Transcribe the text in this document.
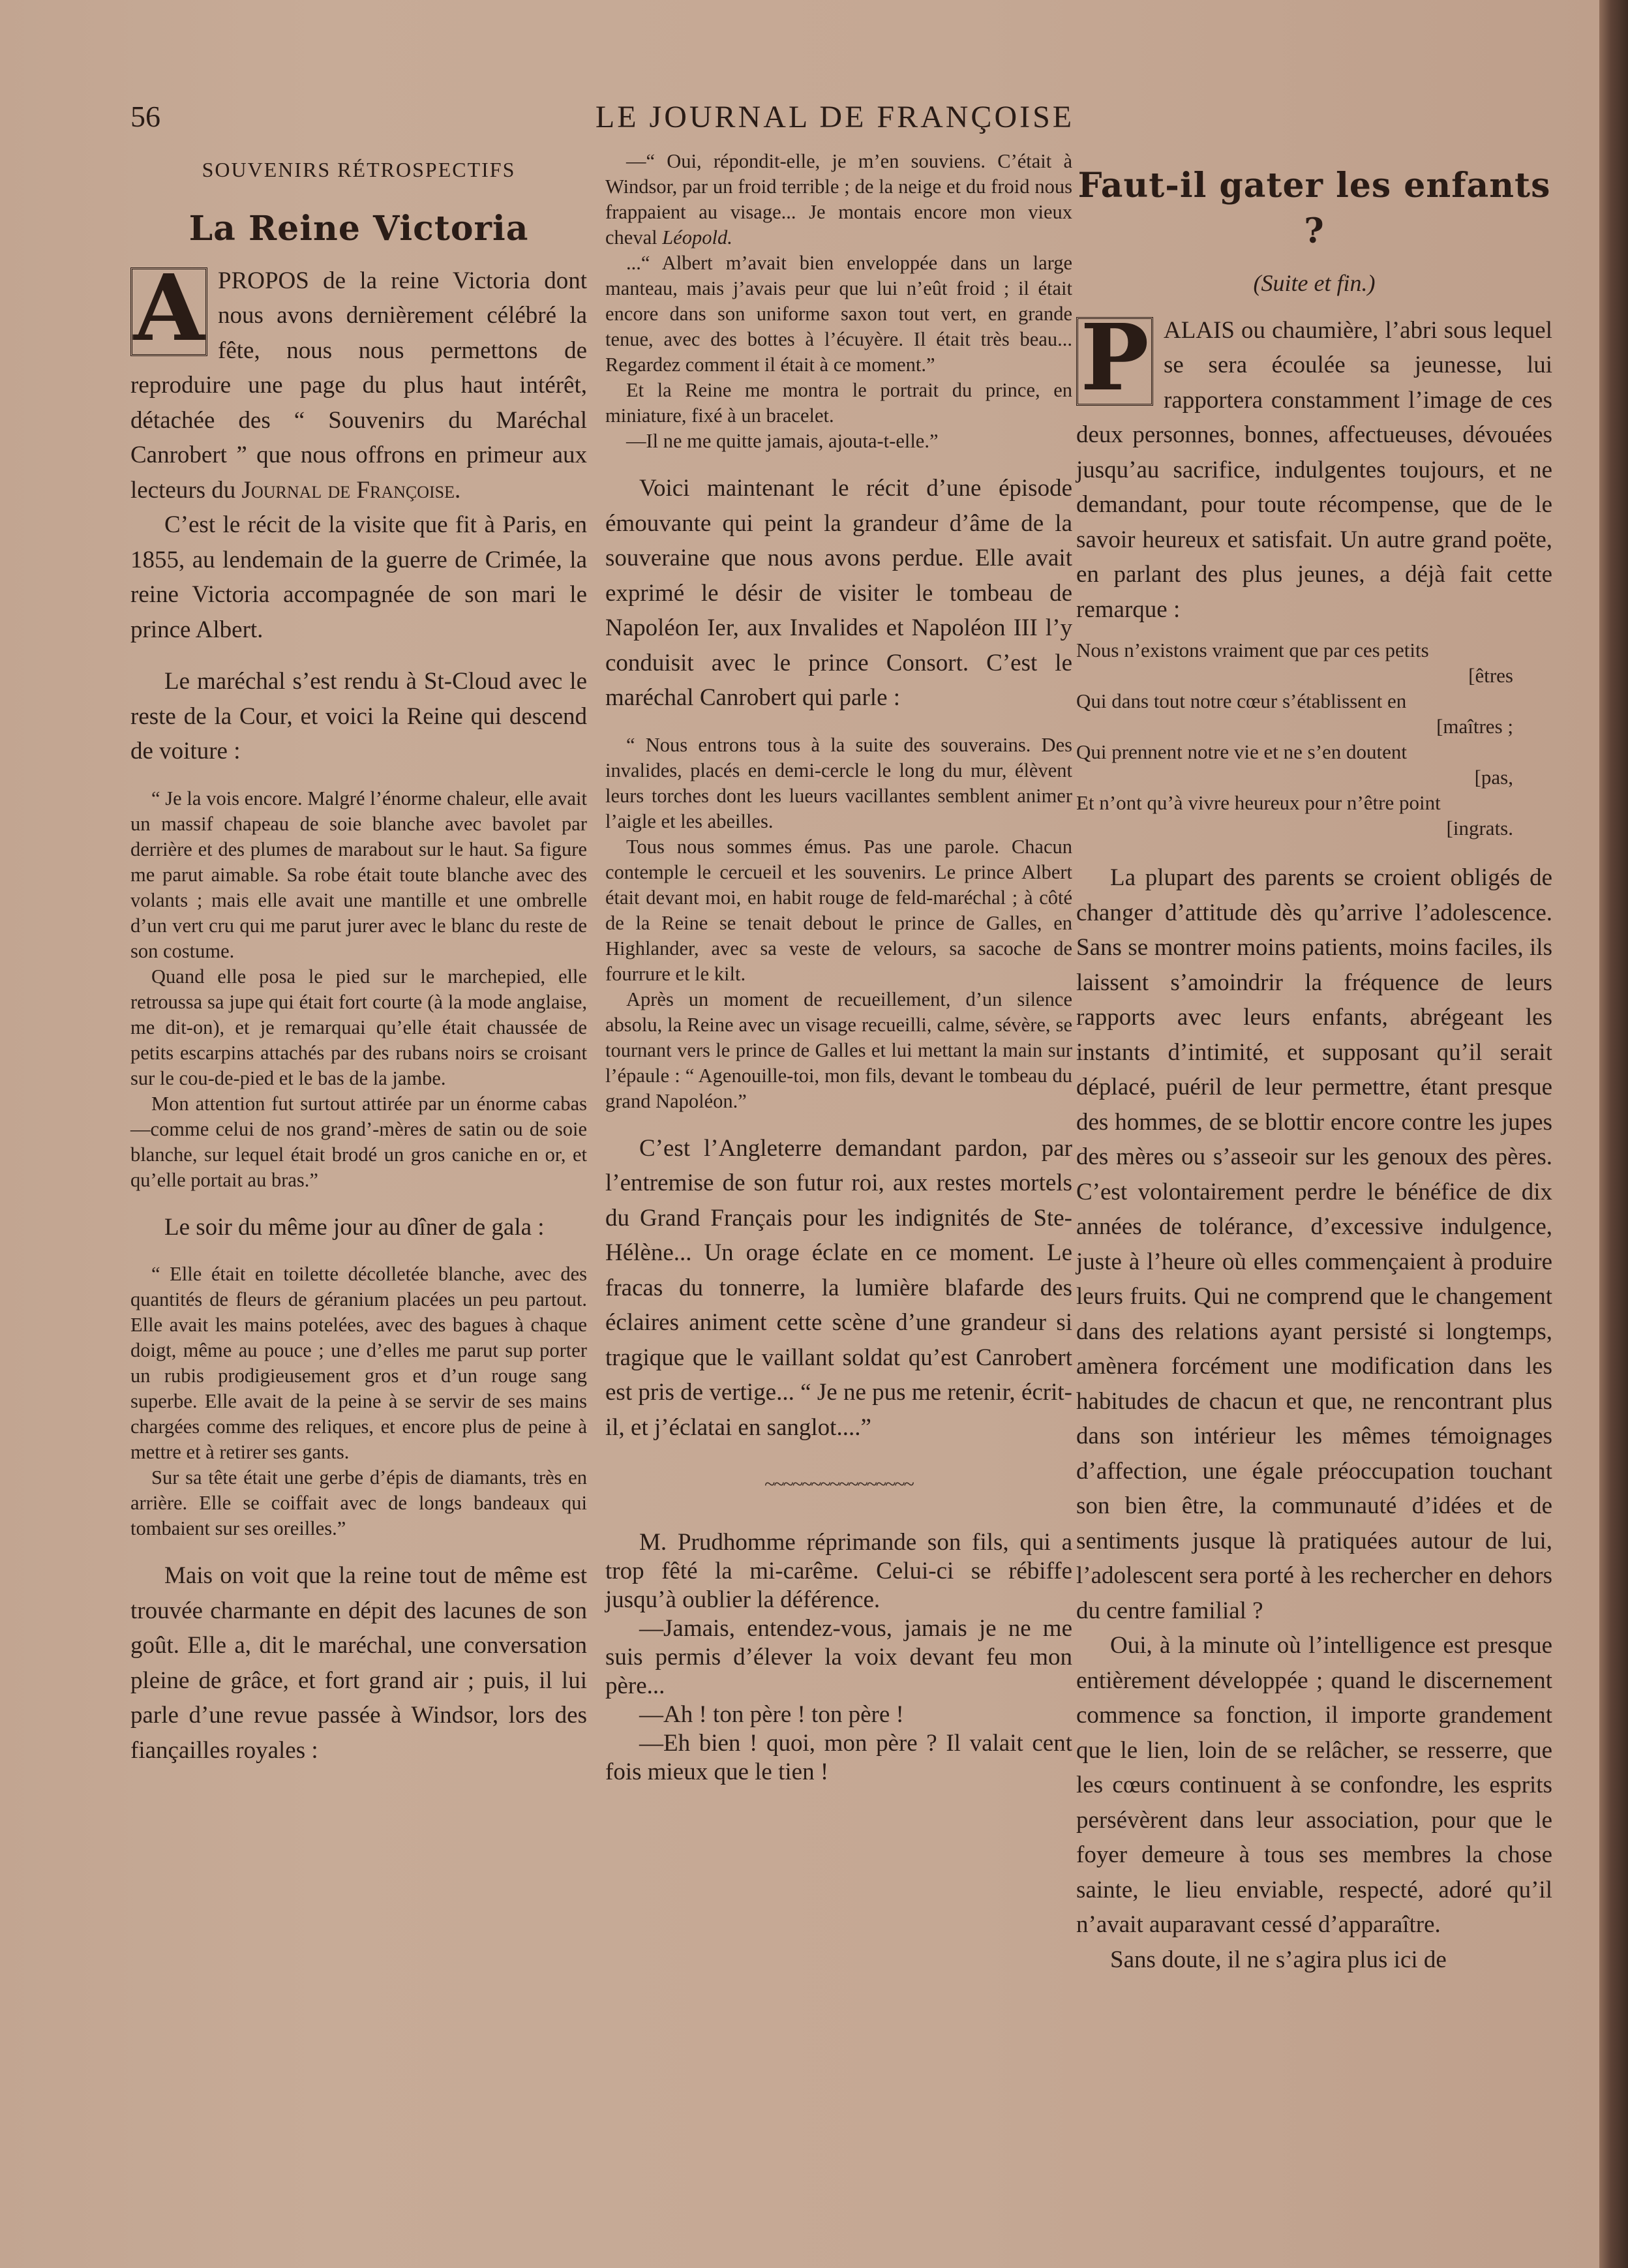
56	LE JOURNAL DE FRANÇOISE
SOUVENIRS RÉTROSPECTIFS
La Reine Victoria

A PROPOS de la reine Victoria dont nous avons dernièrement célébré la fête, nous nous permettons de reproduire une page du plus haut intérêt, détachée des “ Souvenirs du Maréchal Canrobert ” que nous offrons en primeur aux lecteurs du Journal de Françoise.

C’est le récit de la visite que fit à Paris, en 1855, au lendemain de la guerre de Crimée, la reine Victoria accompagnée de son mari le prince Albert.

Le maréchal s’est rendu à St-Cloud avec le reste de la Cour, et voici la Reine qui descend de voiture :

“ Je la vois encore. Malgré l’énorme chaleur, elle avait un massif chapeau de soie blanche avec bavolet par derrière et des plumes de marabout sur le haut. Sa figure me parut aimable. Sa robe était toute blanche avec des volants ; mais elle avait une mantille et une ombrelle d’un vert cru qui me parut jurer avec le blanc du reste de son costume.

Quand elle posa le pied sur le marchepied, elle retroussa sa jupe qui était fort courte (à la mode anglaise, me dit-on), et je remarquai qu’elle était chaussée de petits escarpins attachés par des rubans noirs se croisant sur le cou-de-pied et le bas de la jambe.

Mon attention fut surtout attirée par un énorme cabas—comme celui de nos grand’-mères de satin ou de soie blanche, sur lequel était brodé un gros caniche en or, et qu’elle portait au bras.”

Le soir du même jour au dîner de gala :

“ Elle était en toilette décolletée blanche, avec des quantités de fleurs de géranium placées un peu partout. Elle avait les mains potelées, avec des bagues à chaque doigt, même au pouce ; une d’elles me parut sup porter un rubis prodigieusement gros et d’un rouge sang superbe. Elle avait de la peine à se servir de ses mains chargées comme des reliques, et encore plus de peine à mettre et à retirer ses gants.

Sur sa tête était une gerbe d’épis de diamants, très en arrière. Elle se coiffait avec de longs bandeaux qui tombaient sur ses oreilles.”

Mais on voit que la reine tout de même est trouvée charmante en dépit des lacunes de son goût. Elle a, dit le maréchal, une conversation pleine de grâce, et fort grand air ; puis, il lui parle d’une revue passée à Windsor, lors des fiançailles royales :

—“ Oui, répondit-elle, je m’en souviens. C’était à Windsor, par un froid terrible ; de la neige et du froid nous frappaient au visage... Je montais encore mon vieux cheval Léopold.

...“ Albert m’avait bien enveloppée dans un large manteau, mais j’avais peur que lui n’eût froid ; il était encore dans son uniforme saxon tout vert, en grande tenue, avec des bottes à l’écuyère. Il était très beau... Regardez comment il était à ce moment.”

Et la Reine me montra le portrait du prince, en miniature, fixé à un bracelet.

—Il ne me quitte jamais, ajouta-t-elle.”

Voici maintenant le récit d’une épisode émouvante qui peint la grandeur d’âme de la souveraine que nous avons perdue. Elle avait exprimé le désir de visiter le tombeau de Napoléon Ier, aux Invalides et Napoléon III l’y conduisit avec le prince Consort. C’est le maréchal Canrobert qui parle :

“ Nous entrons tous à la suite des souverains. Des invalides, placés en demi-cercle le long du mur, élèvent leurs torches dont les lueurs vacillantes semblent animer l’aigle et les abeilles.

Tous nous sommes émus. Pas une parole. Chacun contemple le cercueil et les souvenirs. Le prince Albert était devant moi, en habit rouge de feld-maréchal ; à côté de la Reine se tenait debout le prince de Galles, en Highlander, avec sa veste de velours, sa sacoche de fourrure et le kilt.

Après un moment de recueillement, d’un silence absolu, la Reine avec un visage recueilli, calme, sévère, se tournant vers le prince de Galles et lui mettant la main sur l’épaule : “ Agenouille-toi, mon fils, devant le tombeau du grand Napoléon.”

C’est l’Angleterre demandant pardon, par l’entremise de son futur roi, aux restes mortels du Grand Français pour les indignités de Ste-Hélène... Un orage éclate en ce moment. Le fracas du tonnerre, la lumière blafarde des éclaires animent cette scène d’une grandeur si tragique que le vaillant soldat qu’est Canrobert est pris de vertige... “ Je ne pus me retenir, écrit-il, et j’éclatai en sanglot....”

~~~~~~~~~~~~~~~~

M. Prudhomme réprimande son fils, qui a trop fêté la mi-carême. Celui-ci se rébiffe jusqu’à oublier la déférence.

—Jamais, entendez-vous, jamais je ne me suis permis d’élever la voix devant feu mon père...

—Ah ! ton père ! ton père !

—Eh bien ! quoi, mon père ? Il valait cent fois mieux que le tien !

Faut-il gater les enfants ?
(Suite et fin.)

P ALAIS ou chaumière, l’abri sous lequel se sera écoulée sa jeunesse, lui rapportera constamment l’image de ces deux personnes, bonnes, affectueuses, dévouées jusqu’au sacrifice, indulgentes toujours, et ne demandant, pour toute récompense, que de le savoir heureux et satisfait. Un autre grand poëte, en parlant des plus jeunes, a déjà fait cette remarque :

Nous n’existons vraiment que par ces petits
[êtres
Qui dans tout notre cœur s’établissent en
[maîtres ;
Qui prennent notre vie et ne s’en doutent
[pas,
Et n’ont qu’à vivre heureux pour n’être point
[ingrats.

La plupart des parents se croient obligés de changer d’attitude dès qu’arrive l’adolescence. Sans se montrer moins patients, moins faciles, ils laissent s’amoindrir la fréquence de leurs rapports avec leurs enfants, abrégeant les instants d’intimité, et supposant qu’il serait déplacé, puéril de leur permettre, étant presque des hommes, de se blottir encore contre les jupes des mères ou s’asseoir sur les genoux des pères. C’est volontairement perdre le bénéfice de dix années de tolérance, d’excessive indulgence, juste à l’heure où elles commençaient à produire leurs fruits. Qui ne comprend que le changement dans des relations ayant persisté si longtemps, amènera forcément une modification dans les habitudes de chacun et que, ne rencontrant plus dans son intérieur les mêmes témoignages d’affection, une égale préoccupation touchant son bien être, la communauté d’idées et de sentiments jusque là pratiquées autour de lui, l’adolescent sera porté à les rechercher en dehors du centre familial ?

Oui, à la minute où l’intelligence est presque entièrement développée ; quand le discernement commence sa fonction, il importe grandement que le lien, loin de se relâcher, se resserre, que les cœurs continuent à se confondre, les esprits persévèrent dans leur association, pour que le foyer demeure à tous ses membres la chose sainte, le lieu enviable, respecté, adoré qu’il n’avait auparavant cessé d’apparaître.

Sans doute, il ne s’agira plus ici de
